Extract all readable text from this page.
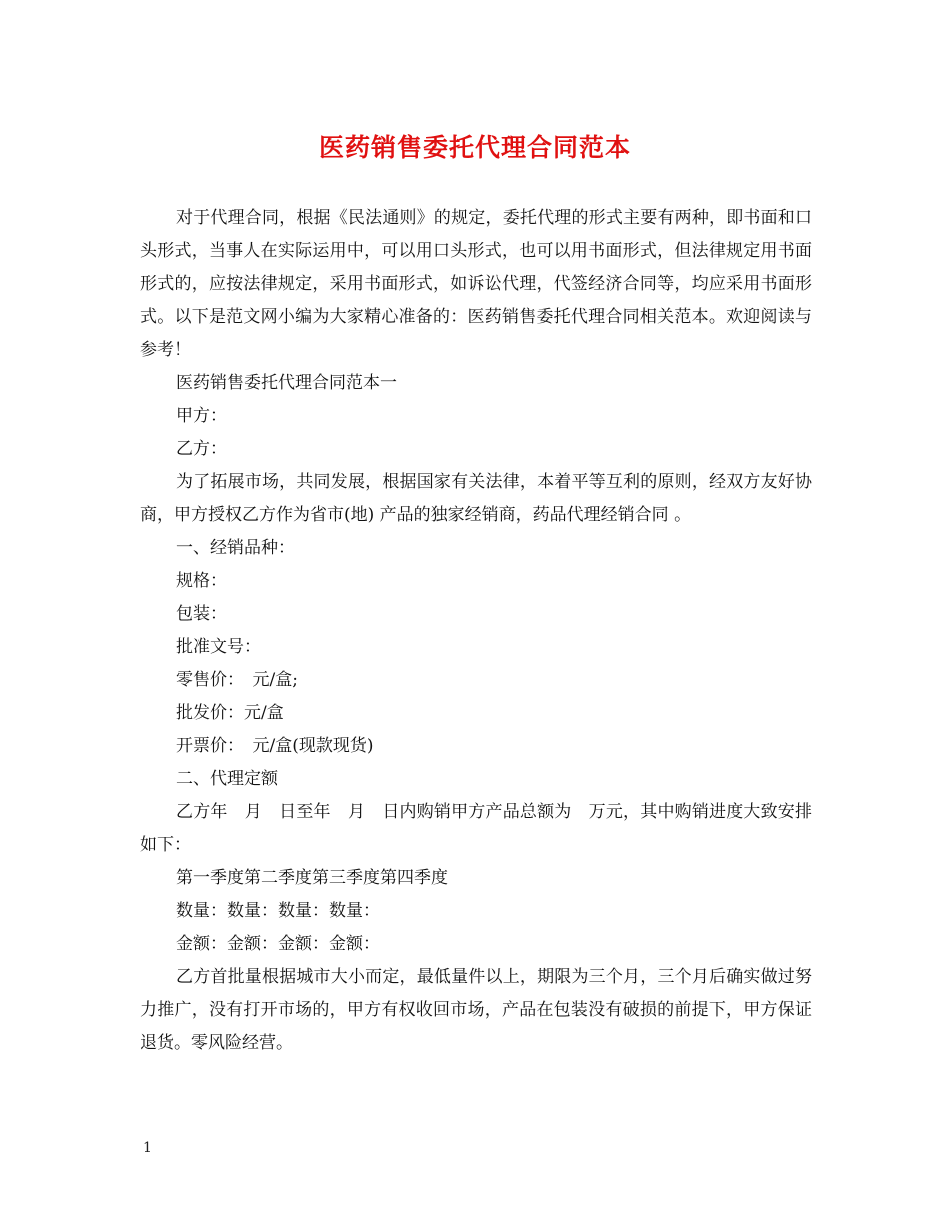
医药销售委托代理合同范本

对于代理合同，根据《民法通则》的规定，委托代理的形式主要有两种，即书面和口头形式，当事人在实际运用中，可以用口头形式，也可以用书面形式，但法律规定用书面形式的，应按法律规定，采用书面形式，如诉讼代理，代签经济合同等，均应采用书面形式。以下是范文网小编为大家精心准备的：医药销售委托代理合同相关范本。欢迎阅读与参考！

医药销售委托代理合同范本一

甲方：

乙方：

为了拓展市场，共同发展，根据国家有关法律，本着平等互利的原则，经双方友好协商，甲方授权乙方作为省市(地) 产品的独家经销商，药品代理经销合同 。

一、经销品种：

规格：

包装：

批准文号：

零售价：　元/盒;

批发价：元/盒

开票价：　元/盒(现款现货)

二、代理定额

乙方年　月　日至年　月　日内购销甲方产品总额为　万元，其中购销进度大致安排如下：

第一季度第二季度第三季度第四季度

数量：数量：数量：数量：

金额：金额：金额：金额：

乙方首批量根据城市大小而定，最低量件以上，期限为三个月，三个月后确实做过努力推广，没有打开市场的，甲方有权收回市场，产品在包装没有破损的前提下，甲方保证退货。零风险经营。

1
